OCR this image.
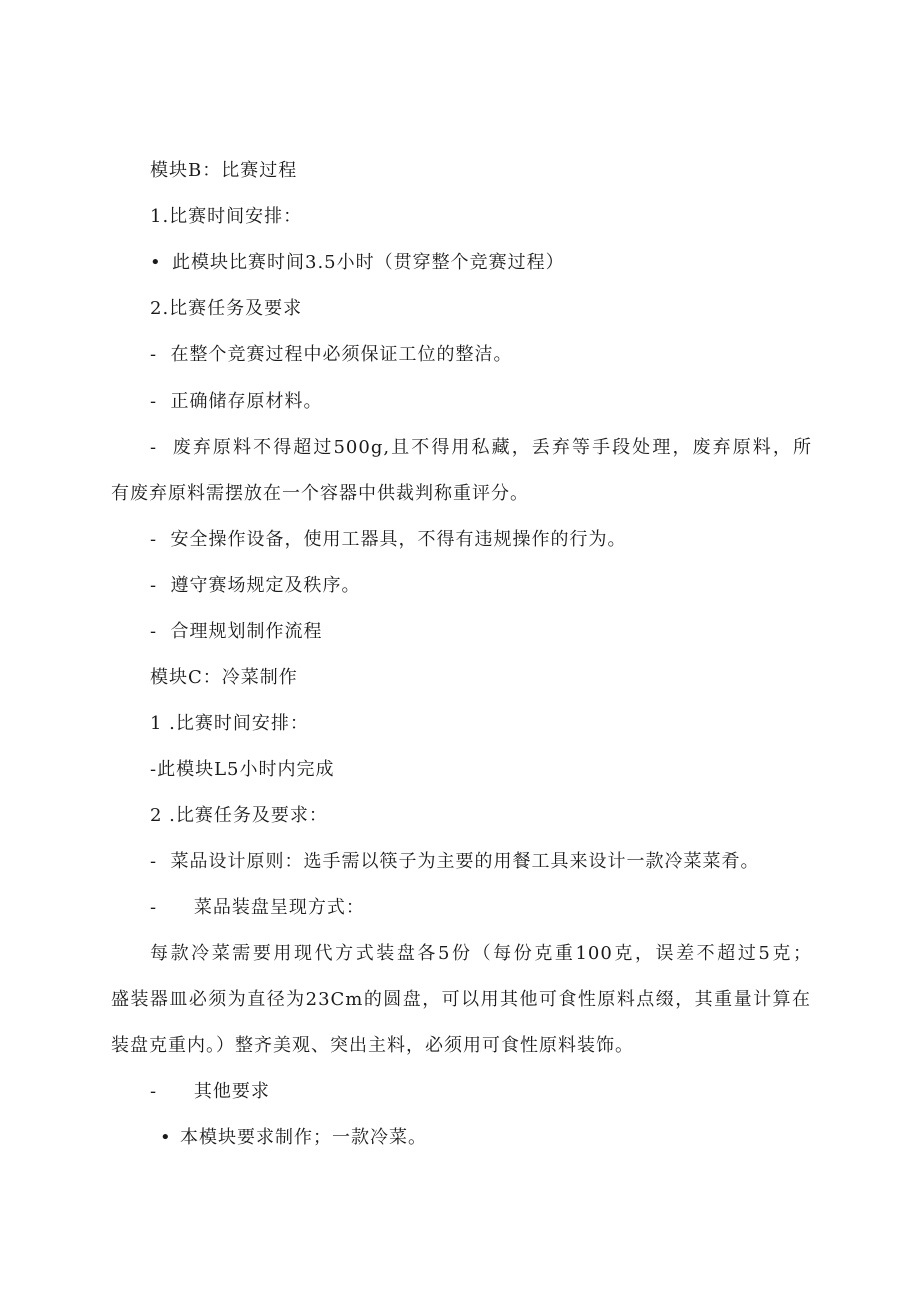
模块B：比赛过程
1.比赛时间安排：
• 此模块比赛时间3.5小时（贯穿整个竞赛过程）
2.比赛任务及要求
- 在整个竞赛过程中必须保证工位的整洁。
- 正确储存原材料。
- 废弃原料不得超过500g,且不得用私藏，丢弃等手段处理，废弃原料，所
有废弃原料需摆放在一个容器中供裁判称重评分。
- 安全操作设备，使用工器具，不得有违规操作的行为。
- 遵守赛场规定及秩序。
- 合理规划制作流程
模块C：冷菜制作
1 .比赛时间安排：
-此模块L5小时内完成
2 .比赛任务及要求：
- 菜品设计原则：选手需以筷子为主要的用餐工具来设计一款冷菜菜肴。
- 菜品装盘呈现方式：
每款冷菜需要用现代方式装盘各5份（每份克重100克，误差不超过5克；
盛装器皿必须为直径为23Cm的圆盘，可以用其他可食性原料点缀，其重量计算在
装盘克重内。）整齐美观、突出主料，必须用可食性原料装饰。
- 其他要求
• 本模块要求制作；一款冷菜。
